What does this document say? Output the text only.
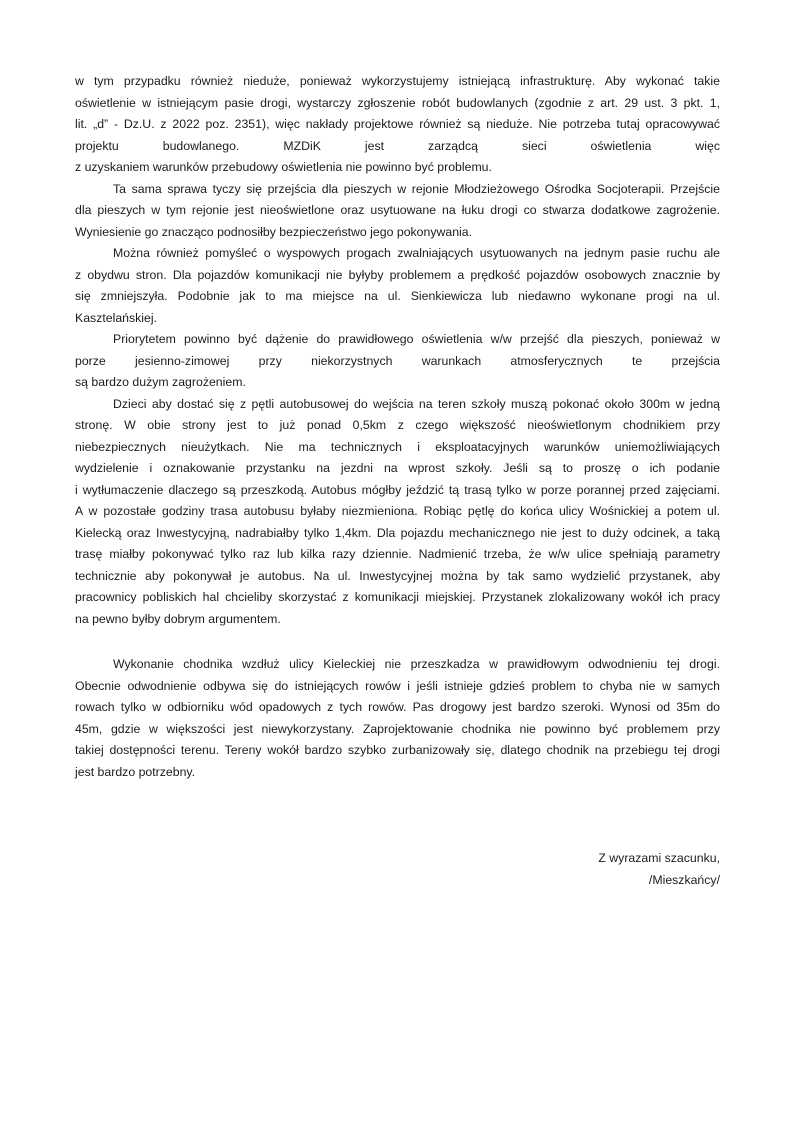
w tym przypadku również nieduże, ponieważ wykorzystujemy istniejącą infrastrukturę. Aby wykonać takie
oświetlenie w istniejącym pasie drogi, wystarczy zgłoszenie robót budowlanych (zgodnie z art. 29 ust. 3 pkt. 1,
lit. „d” - Dz.U. z 2022 poz. 2351), więc nakłady projektowe również są nieduże. Nie potrzeba tutaj opracowywać
projektu budowlanego. MZDiK jest zarządcą sieci oświetlenia więc
z uzyskaniem warunków przebudowy oświetlenia nie powinno być problemu.
Ta sama sprawa tyczy się przejścia dla pieszych w rejonie Młodzieżowego Ośrodka Socjoterapii. Przejście
dla pieszych w tym rejonie jest nieoświetlone oraz usytuowane na łuku drogi co stwarza dodatkowe zagrożenie.
Wyniesienie go znacząco podnosiłby bezpieczeństwo jego pokonywania.
Można również pomyśleć o wyspowych progach zwalniających usytuowanych na jednym pasie ruchu ale
z obydwu stron. Dla pojazdów komunikacji nie byłyby problemem a prędkość pojazdów osobowych znacznie by
się zmniejszyła. Podobnie jak to ma miejsce na ul. Sienkiewicza lub niedawno wykonane progi na ul.
Kasztelańskiej.
Priorytetem powinno być dążenie do prawidłowego oświetlenia w/w przejść dla pieszych, ponieważ w
porze jesienno-zimowej przy niekorzystnych warunkach atmosferycznych te przejścia
są bardzo dużym zagrożeniem.
Dzieci aby dostać się z pętli autobusowej do wejścia na teren szkoły muszą pokonać około 300m w jedną
stronę. W obie strony jest to już ponad 0,5km z czego większość nieoświetlonym chodnikiem przy
niebezpiecznych nieużytkach. Nie ma technicznych i eksploatacyjnych warunków uniemożliwiających
wydzielenie i oznakowanie przystanku na jezdni na wprost szkoły. Jeśli są to proszę o ich podanie
i wytłumaczenie dlaczego są przeszkodą. Autobus mógłby jeździć tą trasą tylko w porze porannej przed zajęciami.
A w pozostałe godziny trasa autobusu byłaby niezmieniona. Robiąc pętlę do końca ulicy Wośnickiej a potem ul.
Kielecką oraz Inwestycyjną, nadrabiałby tylko 1,4km. Dla pojazdu mechanicznego nie jest to duży odcinek, a taką
trasę miałby pokonywać tylko raz lub kilka razy dziennie. Nadmienić trzeba, że w/w ulice spełniają parametry
technicznie aby pokonywał je autobus. Na ul. Inwestycyjnej można by tak samo wydzielić przystanek, aby
pracownicy pobliskich hal chcieliby skorzystać z komunikacji miejskiej. Przystanek zlokalizowany wokół ich pracy
na pewno byłby dobrym argumentem.
Wykonanie chodnika wzdłuż ulicy Kieleckiej nie przeszkadza w prawidłowym odwodnieniu tej drogi.
Obecnie odwodnienie odbywa się do istniejących rowów i jeśli istnieje gdzieś problem to chyba nie w samych
rowach tylko w odbiorniku wód opadowych z tych rowów. Pas drogowy jest bardzo szeroki. Wynosi od 35m do
45m, gdzie w większości jest niewykorzystany. Zaprojektowanie chodnika nie powinno być problemem przy
takiej dostępności terenu. Tereny wokół bardzo szybko zurbanizowały się, dlatego chodnik na przebiegu tej drogi
jest bardzo potrzebny.
Z wyrazami szacunku,
/Mieszkańcy/
